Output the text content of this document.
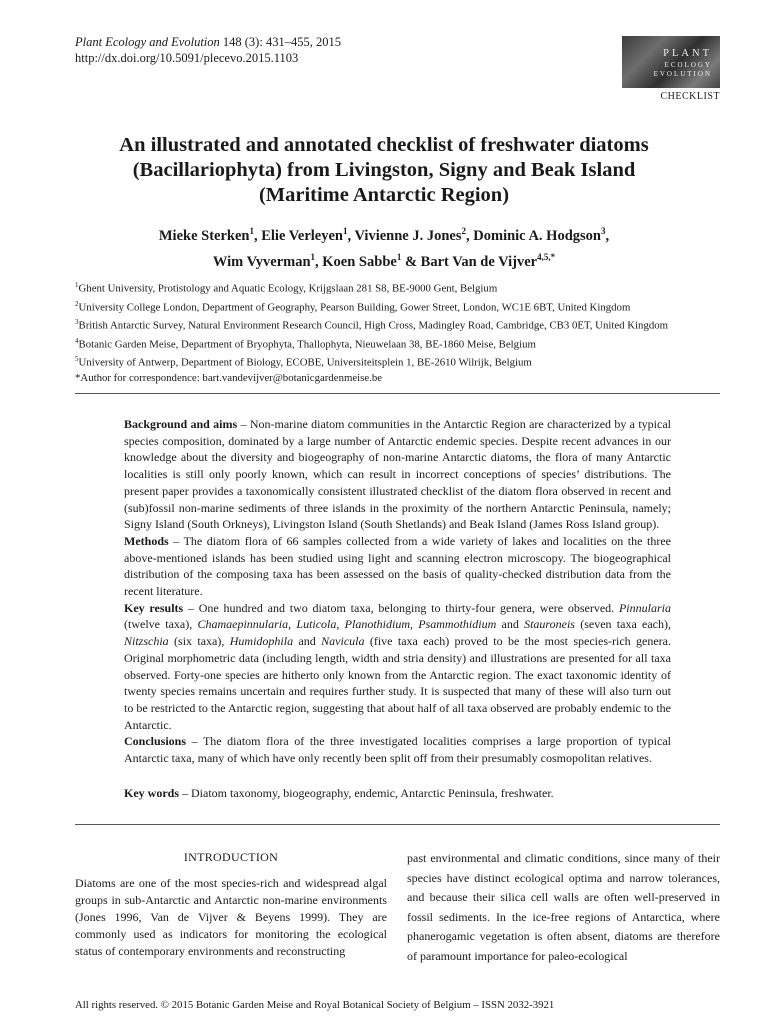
Plant Ecology and Evolution 148 (3): 431–455, 2015
http://dx.doi.org/10.5091/plecevo.2015.1103	PLANT
ECOLOGY
EVOLUTION
CHECKLIST
An illustrated and annotated checklist of freshwater diatoms
(Bacillariophyta) from Livingston, Signy and Beak Island
(Maritime Antarctic Region)
Mieke Sterken$^1$, Elie Verleyen$^1$, Vivienne J. Jones$^2$, Dominic A. Hodgson$^3$,
Wim Vyverman$^1$, Koen Sabbe$^1$ & Bart Van de Vijver$^{4,5,*}$
$^1$Ghent University, Protistology and Aquatic Ecology, Krijgslaan 281 S8, BE-9000 Gent, Belgium
$^2$University College London, Department of Geography, Pearson Building, Gower Street, London, WC1E 6BT, United Kingdom
$^3$British Antarctic Survey, Natural Environment Research Council, High Cross, Madingley Road, Cambridge, CB3 0ET, United Kingdom
$^4$Botanic Garden Meise, Department of Bryophyta, Thallophyta, Nieuwelaan 38, BE-1860 Meise, Belgium
$^5$University of Antwerp, Department of Biology, ECOBE, Universiteitsplein 1, BE-2610 Wilrijk, Belgium
*Author for correspondence: bart.vandevijver@botanicgardenmeise.be

Background and aims – Non-marine diatom communities in the Antarctic Region are characterized by a typical species composition, dominated by a large number of Antarctic endemic species. Despite recent advances in our knowledge about the diversity and biogeography of non-marine Antarctic diatoms, the flora of many Antarctic localities is still only poorly known, which can result in incorrect conceptions of species’ distributions. The present paper provides a taxonomically consistent illustrated checklist of the diatom flora observed in recent and (sub)fossil non-marine sediments of three islands in the proximity of the northern Antarctic Peninsula, namely; Signy Island (South Orkneys), Livingston Island (South Shetlands) and Beak Island (James Ross Island group).

Methods – The diatom flora of 66 samples collected from a wide variety of lakes and localities on the three above-mentioned islands has been studied using light and scanning electron microscopy. The biogeographical distribution of the composing taxa has been assessed on the basis of quality-checked distribution data from the recent literature.

Key results – One hundred and two diatom taxa, belonging to thirty-four genera, were observed. Pinnularia (twelve taxa), Chamaepinnularia, Luticola, Planothidium, Psammothidium and Stauroneis (seven taxa each), Nitzschia (six taxa), Humidophila and Navicula (five taxa each) proved to be the most species-rich genera. Original morphometric data (including length, width and stria density) and illustrations are presented for all taxa observed. Forty-one species are hitherto only known from the Antarctic region. The exact taxonomic identity of twenty species remains uncertain and requires further study. It is suspected that many of these will also turn out to be restricted to the Antarctic region, suggesting that about half of all taxa observed are probably endemic to the Antarctic.

Conclusions – The diatom flora of the three investigated localities comprises a large proportion of typical Antarctic taxa, many of which have only recently been split off from their presumably cosmopolitan relatives.

Key words – Diatom taxonomy, biogeography, endemic, Antarctic Peninsula, freshwater.
INTRODUCTION
Diatoms are one of the most species-rich and widespread algal groups in sub-Antarctic and Antarctic non-marine environments (Jones 1996, Van de Vijver & Beyens 1999). They are commonly used as indicators for monitoring the ecological status of contemporary environments and reconstructing
past environmental and climatic conditions, since many of their species have distinct ecological optima and narrow tolerances, and because their silica cell walls are often well-preserved in fossil sediments. In the ice-free regions of Antarctica, where phanerogamic vegetation is often absent, diatoms are therefore of paramount importance for paleo-ecological
All rights reserved. © 2015 Botanic Garden Meise and Royal Botanical Society of Belgium – ISSN 2032-3921
